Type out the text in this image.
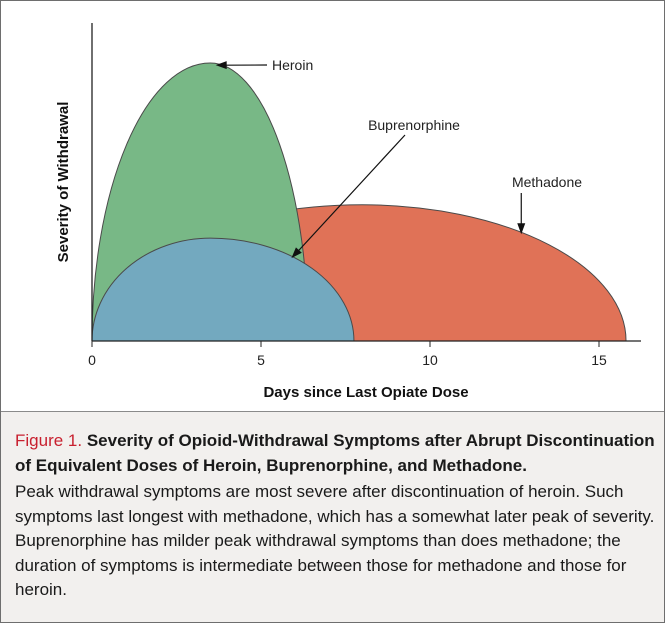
0	5	10	15
Days since Last Opiate Dose
Severity of Withdrawal
Heroin
Buprenorphine
Methadone
Figure 1. Severity of Opioid-Withdrawal Symptoms after Abrupt Discontinuation of Equivalent Doses of Heroin, Buprenorphine, and Methadone.
Peak withdrawal symptoms are most severe after discontinuation of heroin. Such symptoms last longest with methadone, which has a somewhat later peak of severity. Buprenorphine has milder peak withdrawal symptoms than does methadone; the duration of symptoms is intermediate between those for methadone and those for heroin.
